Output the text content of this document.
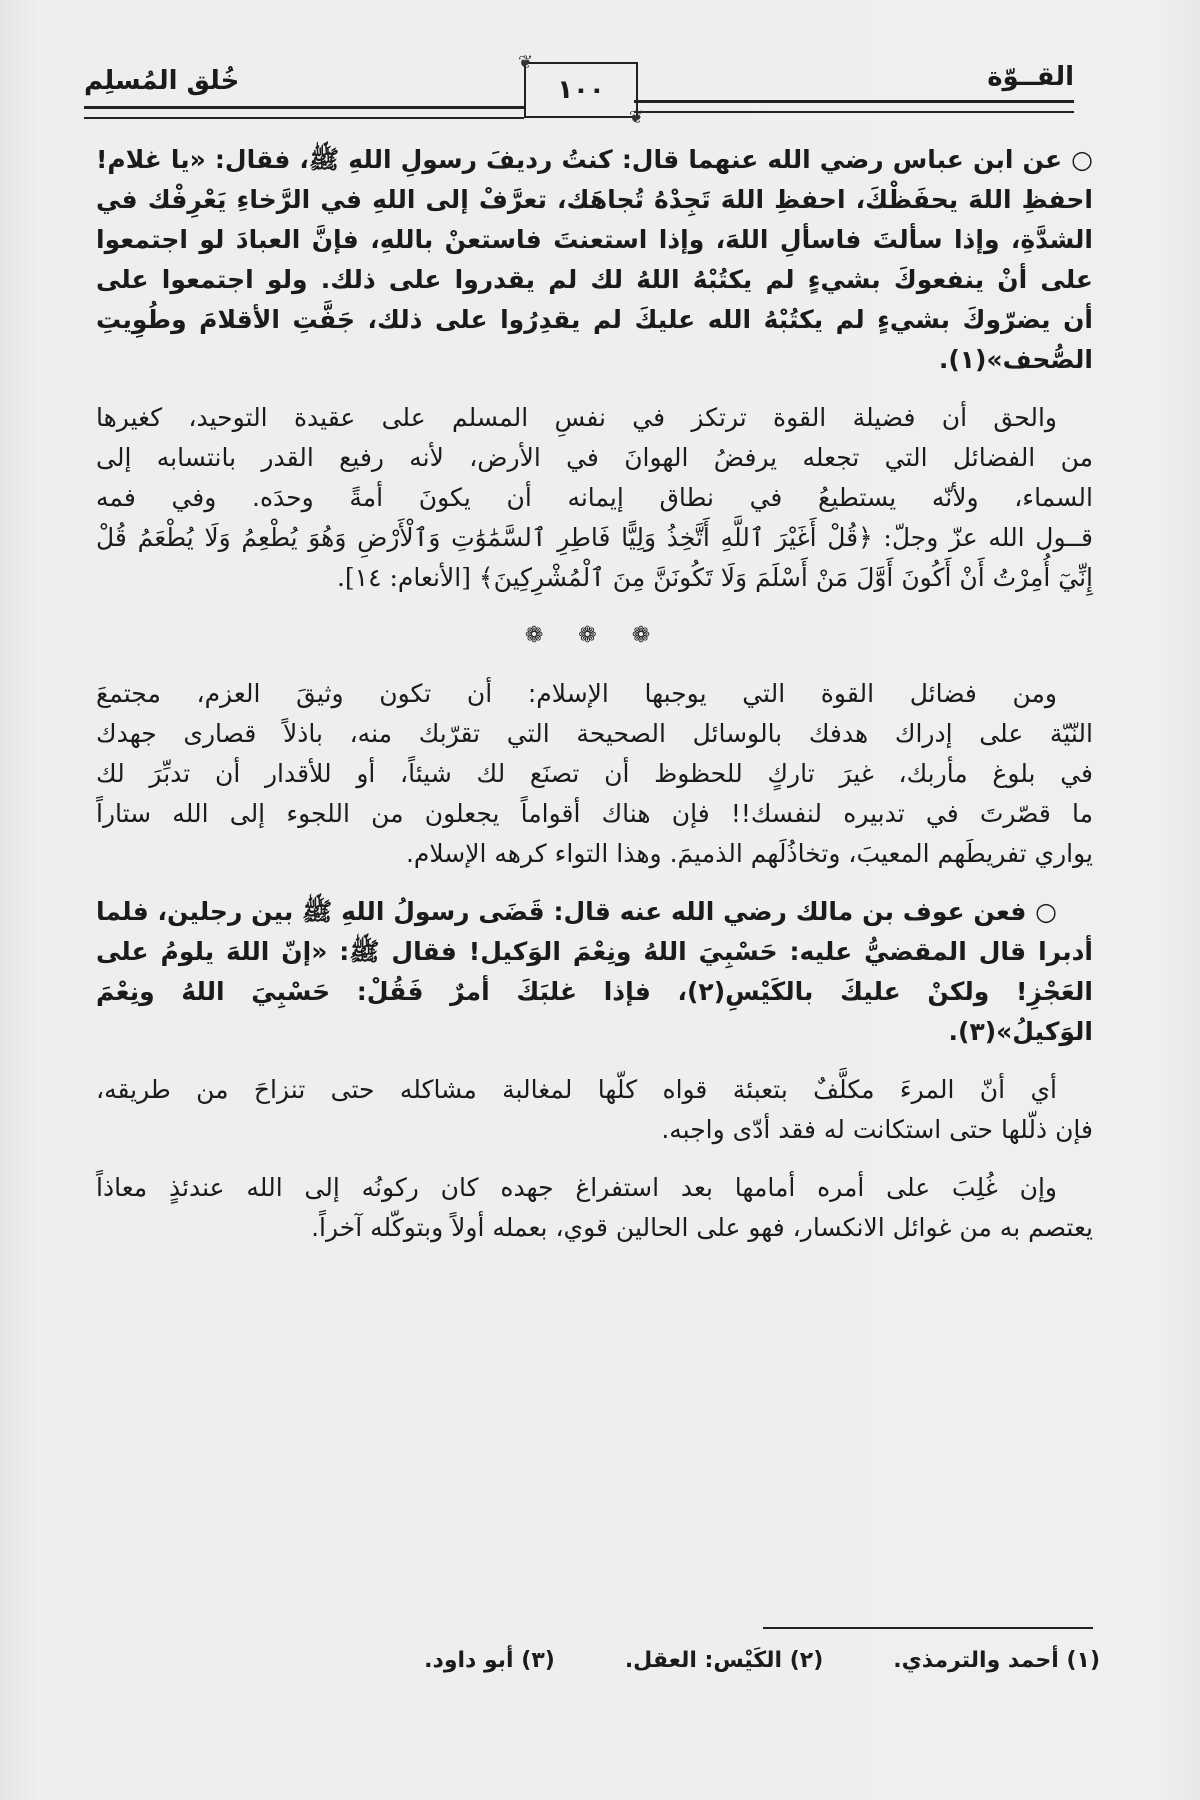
القــوّة
❦
١٠٠
❦
خُلق المُسلِم

○ عن ابن عباس رضي الله عنهما قال: كنتُ رديفَ رسولِ اللهِ ﷺ، فقال: «يا غلام!
احفظِ اللهَ يحفَظْكَ، احفظِ اللهَ تَجِدْهُ تُجاهَك، تعرَّفْ إلى اللهِ في الرَّخاءِ يَعْرِفْك في
الشدَّةِ، وإذا سألتَ فاسألِ اللهَ، وإذا استعنتَ فاستعنْ باللهِ، فإنَّ العبادَ لو اجتمعوا
على أنْ ينفعوكَ بشيءٍ لم يكتُبْهُ اللهُ لك لم يقدروا على ذلك. ولو اجتمعوا على
أن يضرّوكَ بشيءٍ لم يكتُبْهُ الله عليكَ لم يقدِرُوا على ذلك، جَفَّتِ الأقلامَ وطُوِيتِ
الصُّحف»(١).

والحق أن فضيلة القوة ترتكز في نفسِ المسلم على عقيدة التوحيد، كغيرها
من الفضائل التي تجعله يرفضُ الهوانَ في الأرض، لأنه رفيع القدر بانتسابه إلى
السماء، ولأنّه يستطيعُ في نطاق إيمانه أن يكونَ أمةً وحدَه. وفي فمه
قــول الله عزّ وجلّ: ﴿قُلْ أَغَيْرَ ٱللَّهِ أَتَّخِذُ وَلِيًّا فَاطِرِ ٱلسَّمَٰوَٰتِ وَٱلْأَرْضِ وَهُوَ يُطْعِمُ وَلَا يُطْعَمُ قُلْ
إِنِّيٓ أُمِرْتُ أَنْ أَكُونَ أَوَّلَ مَنْ أَسْلَمَ وَلَا تَكُونَنَّ مِنَ ٱلْمُشْرِكِينَ﴾ [الأنعام: ١٤].

❁ ❁ ❁

ومن فضائل القوة التي يوجبها الإسلام: أن تكون وثيقَ العزم، مجتمعَ
النّيّة على إدراك هدفك بالوسائل الصحيحة التي تقرّبك منه، باذلاً قصارى جهدك
في بلوغ مأربك، غيرَ تاركٍ للحظوظ أن تصنَع لك شيئاً، أو للأقدار أن تدبِّرَ لك
ما قصّرتَ في تدبيره لنفسك!! فإن هناك أقواماً يجعلون من اللجوء إلى الله ستاراً
يواري تفريطَهم المعيبَ، وتخاذُلَهم الذميمَ. وهذا التواء كرهه الإسلام.

○ فعن عوف بن مالك رضي الله عنه قال: قَضَى رسولُ اللهِ ﷺ بين رجلين، فلما
أدبرا قال المقضيُّ عليه: حَسْبِيَ اللهُ ونِعْمَ الوَكيل! فقال ﷺ: «إنّ اللهَ يلومُ على
العَجْزِ! ولكنْ عليكَ بالكَيْسِ(٢)، فإذا غلبَكَ أمرٌ فَقُلْ: حَسْبِيَ اللهُ ونِعْمَ
الوَكيلُ»(٣).

أي أنّ المرءَ مكلَّفٌ بتعبئة قواه كلّها لمغالبة مشاكله حتى تنزاحَ من طريقه،
فإن ذلّلها حتى استكانت له فقد أدّى واجبه.

وإن غُلِبَ على أمره أمامها بعد استفراغ جهده كان ركونُه إلى الله عندئذٍ معاذاً
يعتصم به من غوائل الانكسار، فهو على الحالين قوي، بعمله أولاً وبتوكّله آخراً.

(١) أحمد والترمذي.
(٢) الكَيْس: العقل.
(٣) أبو داود.
